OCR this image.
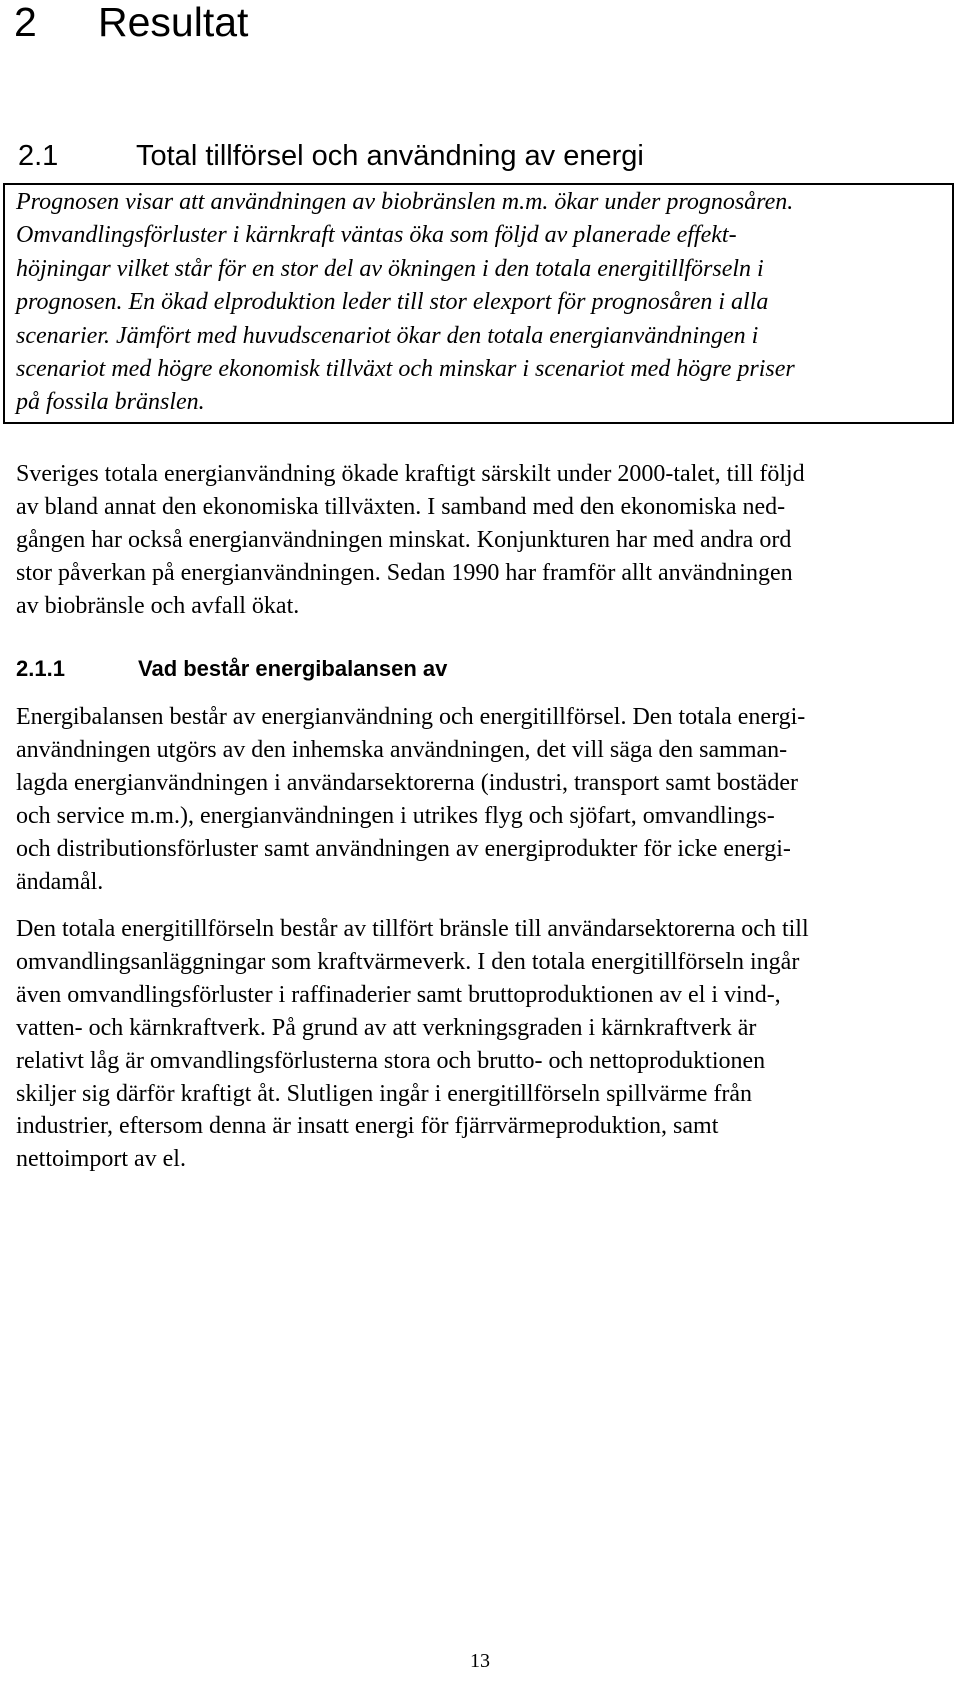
2 Resultat
2.1	Total tillförsel och användning av energi

Prognosen visar att användningen av biobränslen m.m. ökar under prognosåren.
Omvandlingsförluster i kärnkraft väntas öka som följd av planerade effekt-
höjningar vilket står för en stor del av ökningen i den totala energitillförseln i
prognosen. En ökad elproduktion leder till stor elexport för prognosåren i alla
scenarier. Jämfört med huvudscenariot ökar den totala energianvändningen i
scenariot med högre ekonomisk tillväxt och minskar i scenariot med högre priser
på fossila bränslen.

Sveriges totala energianvändning ökade kraftigt särskilt under 2000-talet, till följd
av bland annat den ekonomiska tillväxten. I samband med den ekonomiska ned-
gången har också energianvändningen minskat. Konjunkturen har med andra ord
stor påverkan på energianvändningen. Sedan 1990 har framför allt användningen
av biobränsle och avfall ökat.

2.1.1	Vad består energibalansen av

Energibalansen består av energianvändning och energitillförsel. Den totala energi-
användningen utgörs av den inhemska användningen, det vill säga den samman-
lagda energianvändningen i användarsektorerna (industri, transport samt bostäder
och service m.m.), energianvändningen i utrikes flyg och sjöfart, omvandlings-
och distributionsförluster samt användningen av energiprodukter för icke energi-
ändamål.

Den totala energitillförseln består av tillfört bränsle till användarsektorerna och till
omvandlingsanläggningar som kraftvärmeverk. I den totala energitillförseln ingår
även omvandlingsförluster i raffinaderier samt bruttoproduktionen av el i vind-,
vatten- och kärnkraftverk. På grund av att verkningsgraden i kärnkraftverk är
relativt låg är omvandlingsförlusterna stora och brutto- och nettoproduktionen
skiljer sig därför kraftigt åt. Slutligen ingår i energitillförseln spillvärme från
industrier, eftersom denna är insatt energi för fjärrvärmeproduktion, samt
nettoimport av el.

13
